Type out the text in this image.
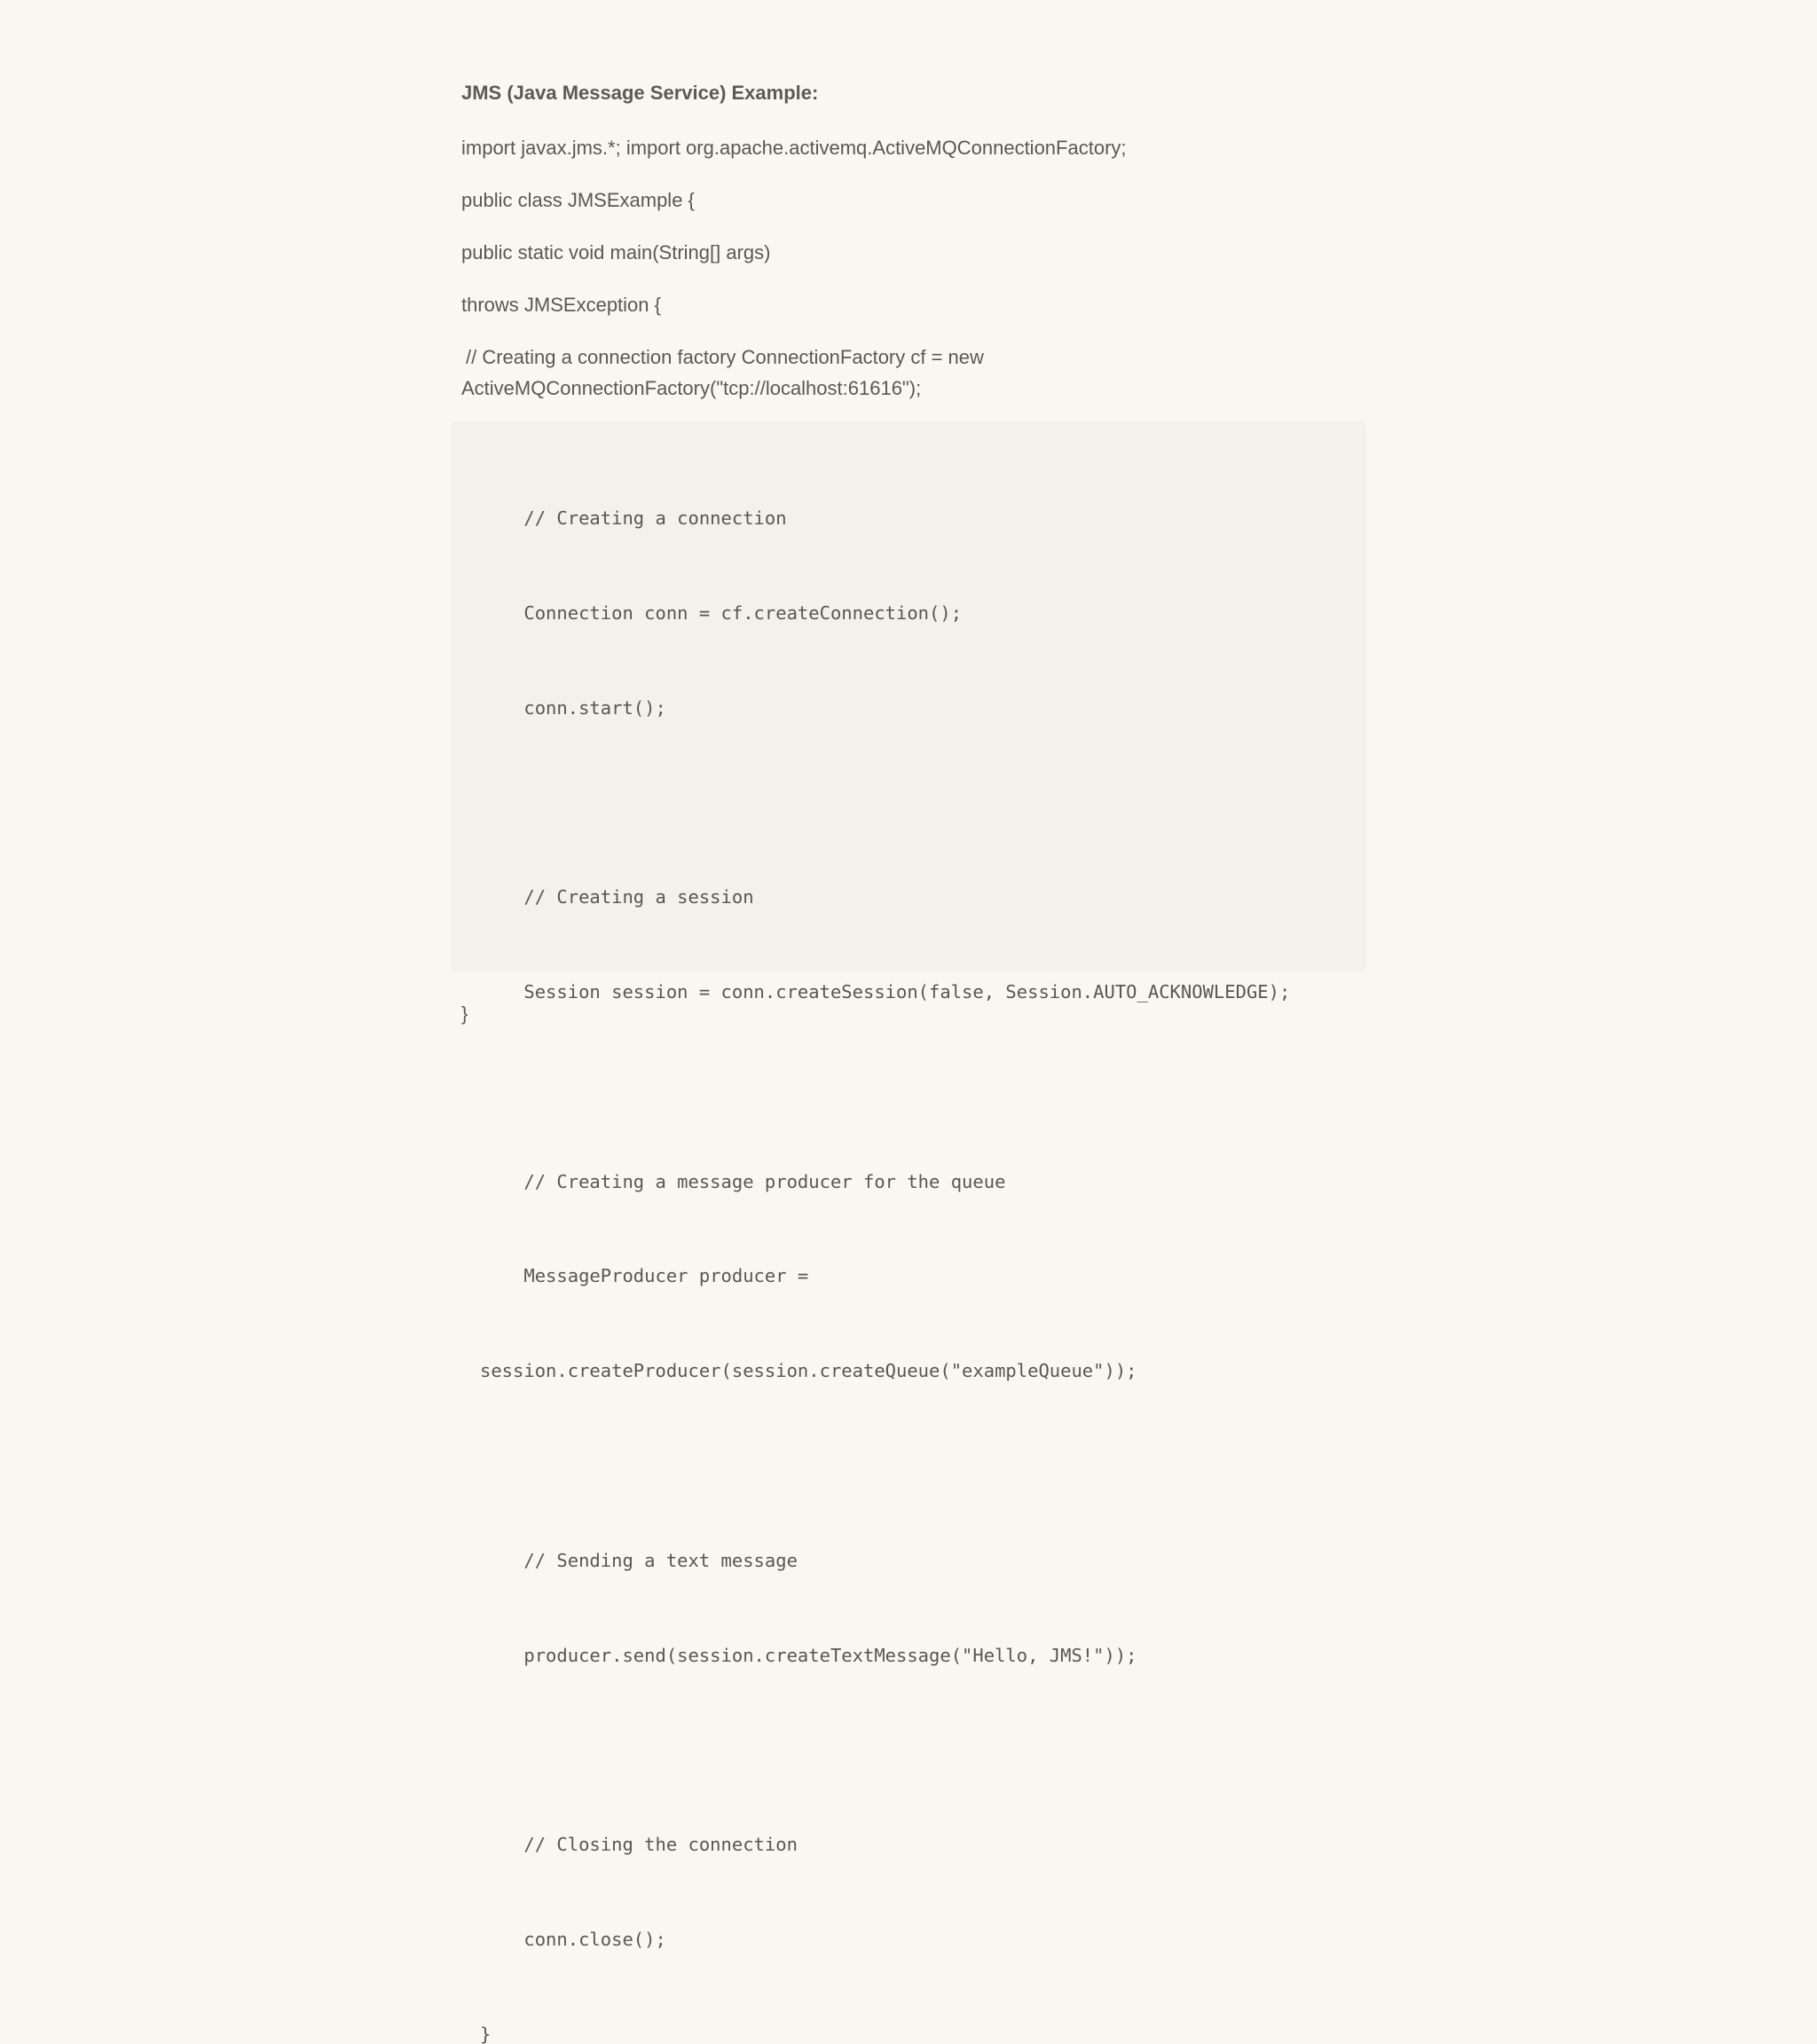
JMS (Java Message Service) Example:
import javax.jms.*; import org.apache.activemq.ActiveMQConnectionFactory;
public class JMSExample {
public static void main(String[] args)
throws JMSException {
// Creating a connection factory ConnectionFactory cf = new
ActiveMQConnectionFactory("tcp://localhost:61616");

// Creating a connection

Connection conn = cf.createConnection();

conn.start();

// Creating a session

Session session = conn.createSession(false, Session.AUTO_ACKNOWLEDGE);

// Creating a message producer for the queue

MessageProducer producer =

session.createProducer(session.createQueue("exampleQueue"));

// Sending a text message

producer.send(session.createTextMessage("Hello, JMS!"));

// Closing the connection

conn.close();

}

}
